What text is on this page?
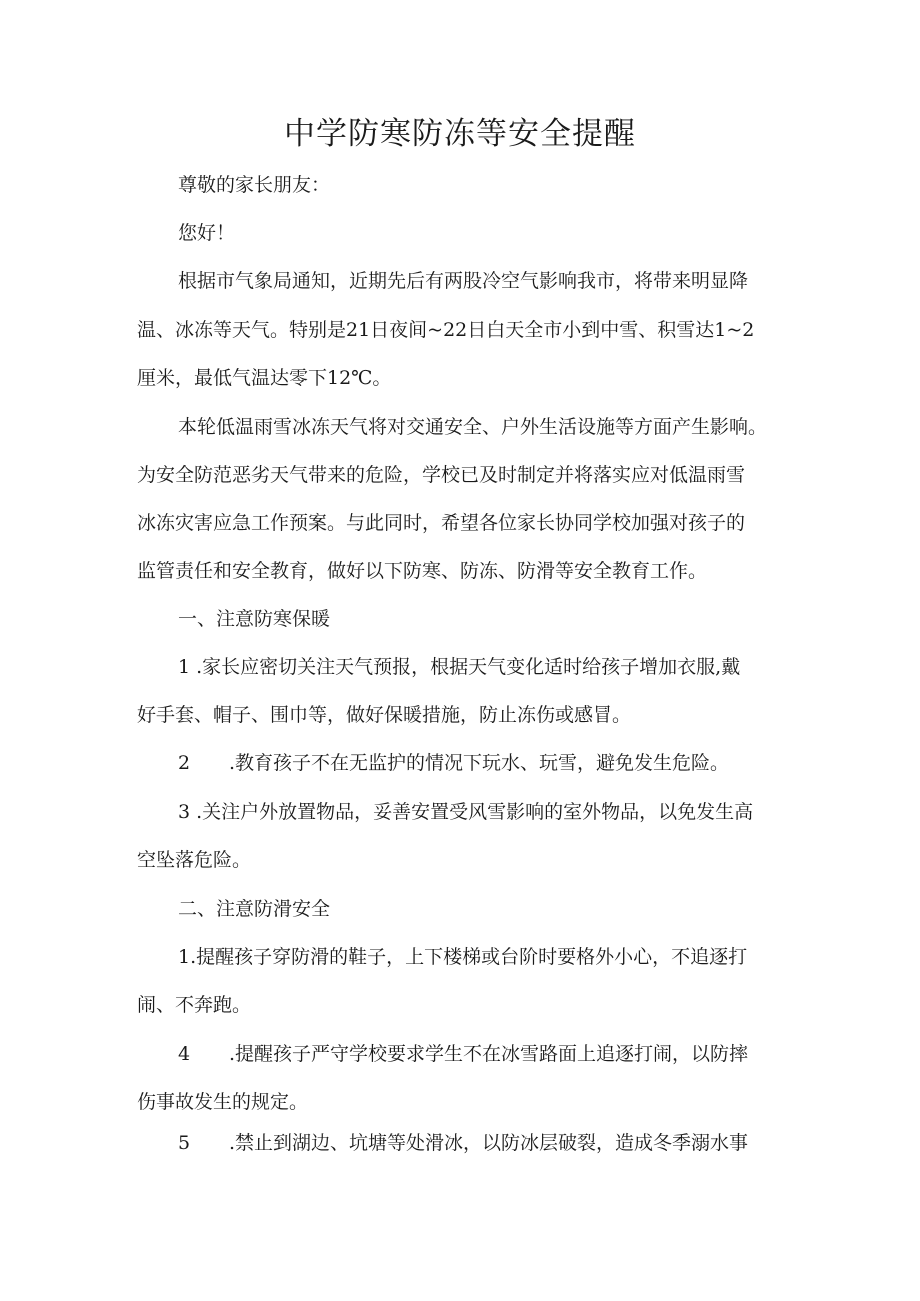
中学防寒防冻等安全提醒

尊敬的家长朋友：

您好！

根据市气象局通知，近期先后有两股冷空气影响我市，将带来明显降

温、冰冻等天气。特别是21日夜间~22日白天全市小到中雪、积雪达1~2

厘米，最低气温达零下12℃。

本轮低温雨雪冰冻天气将对交通安全、户外生活设施等方面产生影响。

为安全防范恶劣天气带来的危险，学校已及时制定并将落实应对低温雨雪

冰冻灾害应急工作预案。与此同时，希望各位家长协同学校加强对孩子的

监管责任和安全教育，做好以下防寒、防冻、防滑等安全教育工作。

一、注意防寒保暖

1 .家长应密切关注天气预报，根据天气变化适时给孩子增加衣服,戴

好手套、帽子、围巾等，做好保暖措施，防止冻伤或感冒。

2 .教育孩子不在无监护的情况下玩水、玩雪，避免发生危险。

3 .关注户外放置物品，妥善安置受风雪影响的室外物品，以免发生高

空坠落危险。

二、注意防滑安全

1.提醒孩子穿防滑的鞋子，上下楼梯或台阶时要格外小心，不追逐打

闹、不奔跑。

4 .提醒孩子严守学校要求学生不在冰雪路面上追逐打闹，以防摔

伤事故发生的规定。

5 .禁止到湖边、坑塘等处滑冰，以防冰层破裂，造成冬季溺水事
